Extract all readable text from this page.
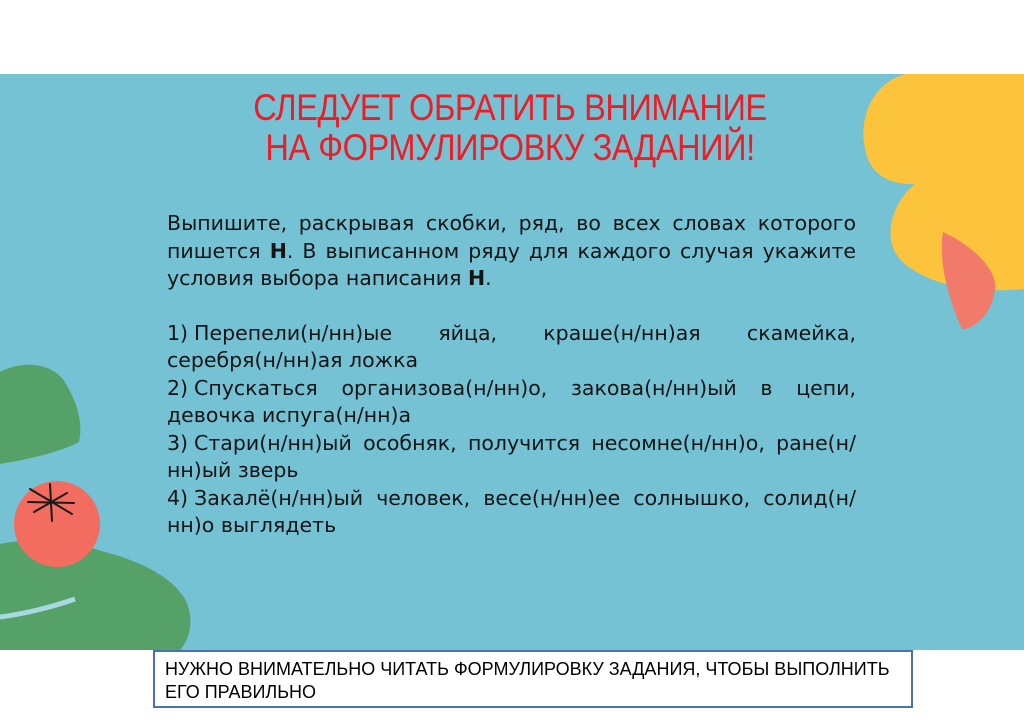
СЛЕДУЕТ ОБРАТИТЬ ВНИМАНИЕ НА ФОРМУЛИРОВКУ ЗАДАНИЙ!
Выпишите, раскрывая скобки, ряд, во всех словах которого пишется Н. В выписанном ряду для каждого случая укажите условия выбора написания Н.
1) Перепели(н/нн)ые яйца, краше(н/нн)ая скамейка, серебря(н/нн)ая ложка
2) Спускаться организова(н/нн)о, закова(н/нн)ый в цепи, девочка испуга(н/нн)а
3) Стари(н/нн)ый особняк, получится несомне(н/нн)о, ране(н/нн)ый зверь
4) Закалё(н/нн)ый человек, весе(н/нн)ее солнышко, солид(н/нн)о выглядеть
НУЖНО ВНИМАТЕЛЬНО ЧИТАТЬ ФОРМУЛИРОВКУ ЗАДАНИЯ, ЧТОБЫ ВЫПОЛНИТЬ ЕГО ПРАВИЛЬНО
